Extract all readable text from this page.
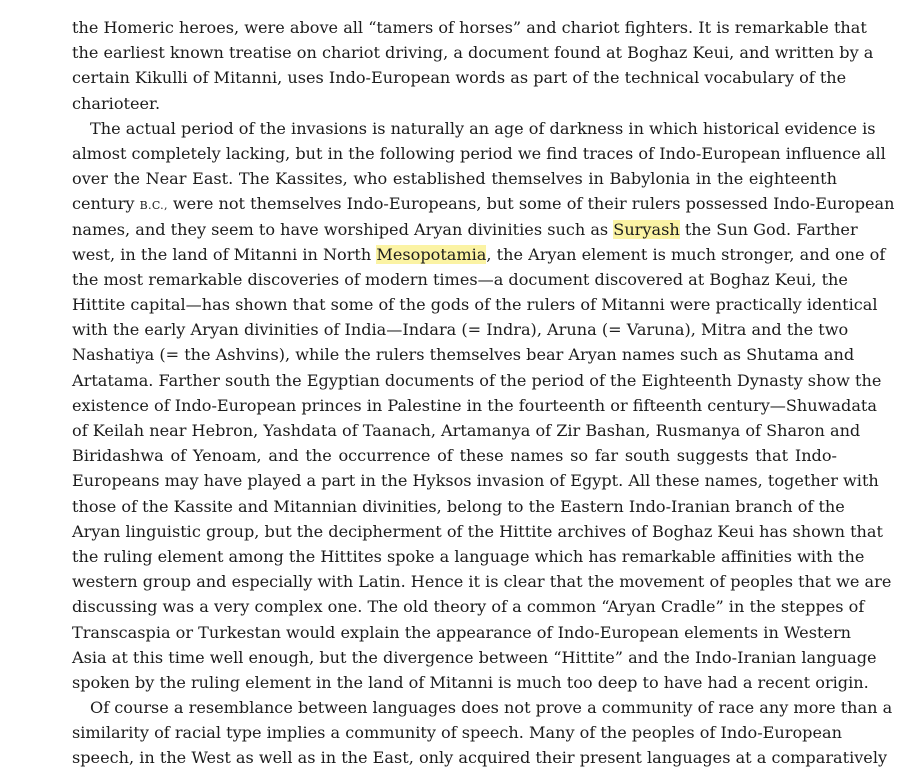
the Homeric heroes, were above all “tamers of horses” and chariot fighters. It is remarkable that
the earliest known treatise on chariot driving, a document found at Boghaz Keui, and written by a
certain Kikulli of Mitanni, uses Indo-European words as part of the technical vocabulary of the
charioteer.
The actual period of the invasions is naturally an age of darkness in which historical evidence is
almost completely lacking, but in the following period we find traces of Indo-European influence all
over the Near East. The Kassites, who established themselves in Babylonia in the eighteenth
century B.C., were not themselves Indo-Europeans, but some of their rulers possessed Indo-European
names, and they seem to have worshiped Aryan divinities such as Suryash the Sun God. Farther
west, in the land of Mitanni in North Mesopotamia, the Aryan element is much stronger, and one of
the most remarkable discoveries of modern times—a document discovered at Boghaz Keui, the
Hittite capital—has shown that some of the gods of the rulers of Mitanni were practically identical
with the early Aryan divinities of India—Indara (= Indra), Aruna (= Varuna), Mitra and the two
Nashatiya (= the Ashvins), while the rulers themselves bear Aryan names such as Shutama and
Artatama. Farther south the Egyptian documents of the period of the Eighteenth Dynasty show the
existence of Indo-European princes in Palestine in the fourteenth or fifteenth century—Shuwadata
of Keilah near Hebron, Yashdata of Taanach, Artamanya of Zir Bashan, Rusmanya of Sharon and
Biridashwa of Yenoam, and the occurrence of these names so far south suggests that Indo-
Europeans may have played a part in the Hyksos invasion of Egypt. All these names, together with
those of the Kassite and Mitannian divinities, belong to the Eastern Indo-Iranian branch of the
Aryan linguistic group, but the decipherment of the Hittite archives of Boghaz Keui has shown that
the ruling element among the Hittites spoke a language which has remarkable affinities with the
western group and especially with Latin. Hence it is clear that the movement of peoples that we are
discussing was a very complex one. The old theory of a common “Aryan Cradle” in the steppes of
Transcaspia or Turkestan would explain the appearance of Indo-European elements in Western
Asia at this time well enough, but the divergence between “Hittite” and the Indo-Iranian language
spoken by the ruling element in the land of Mitanni is much too deep to have had a recent origin.
Of course a resemblance between languages does not prove a community of race any more than a
similarity of racial type implies a community of speech. Many of the peoples of Indo-European
speech, in the West as well as in the East, only acquired their present languages at a comparatively
